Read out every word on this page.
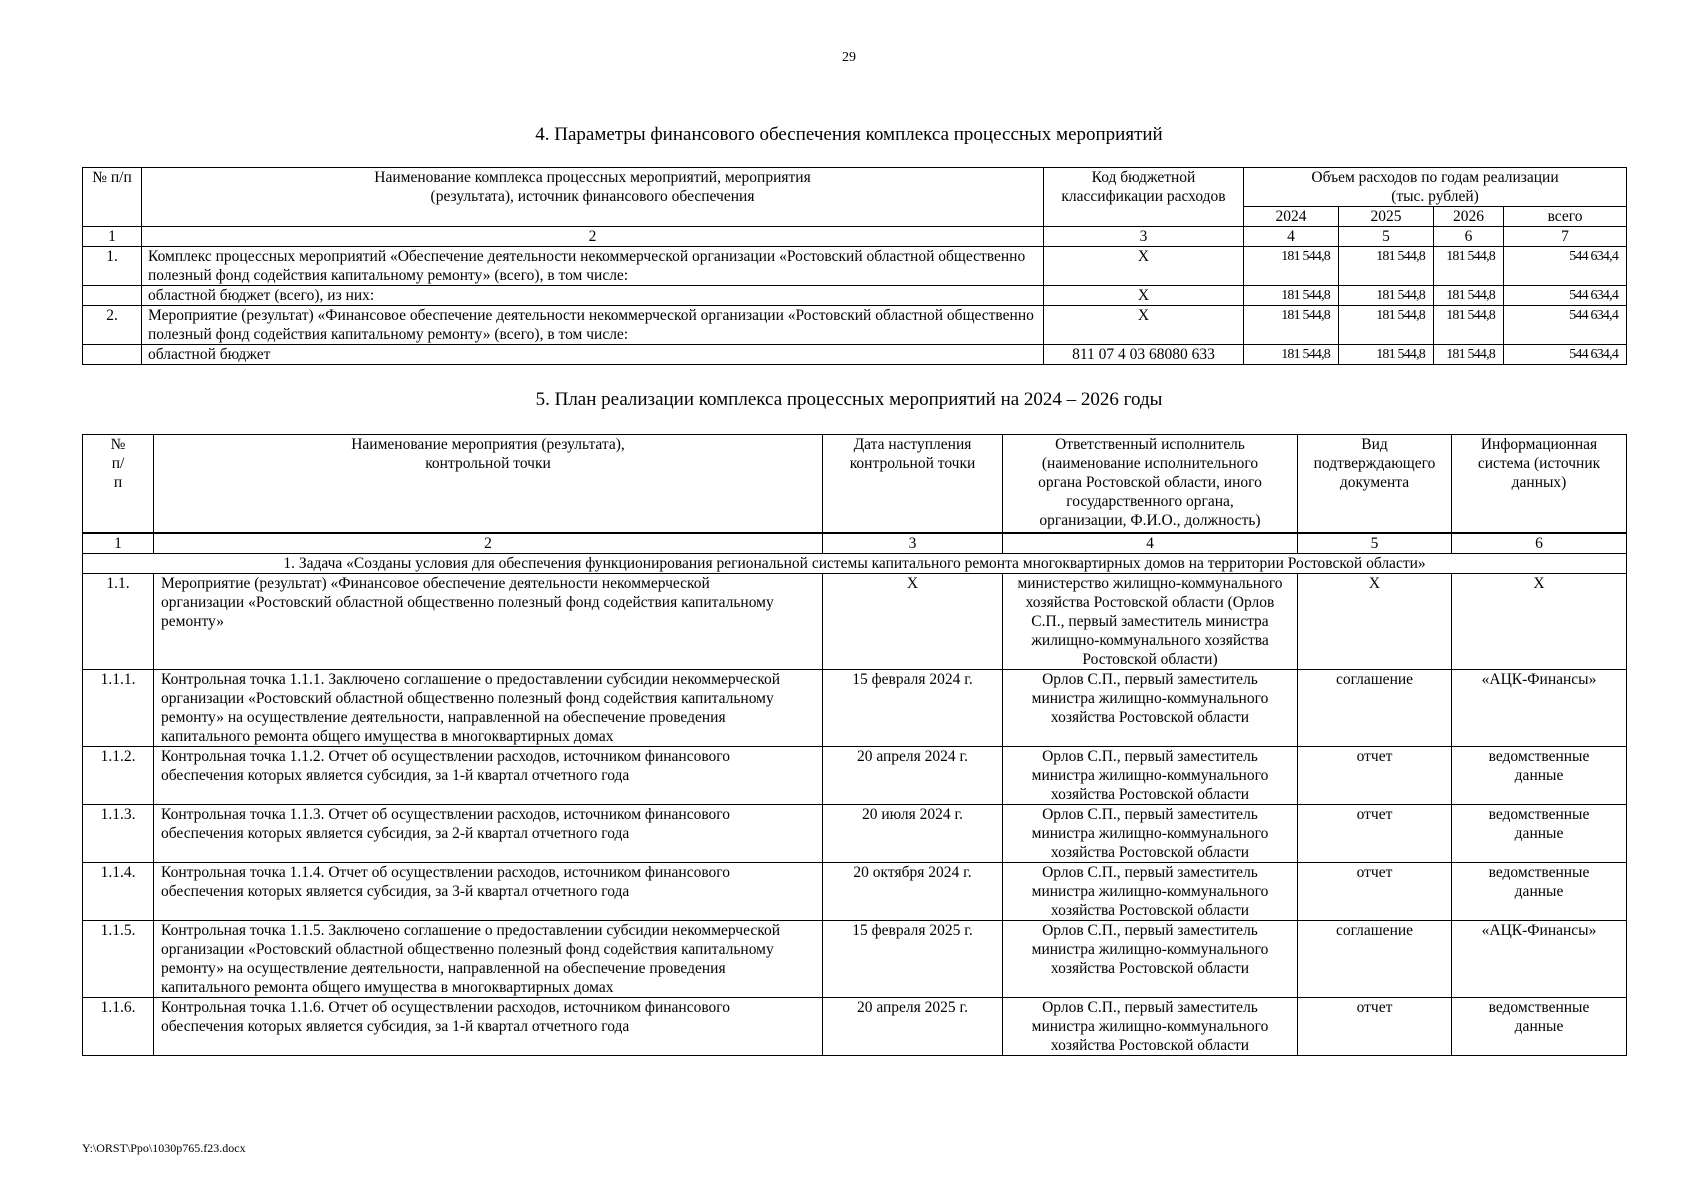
29
4. Параметры финансового обеспечения комплекса процессных мероприятий
№ п/п	Наименование комплекса процессных мероприятий, мероприятия (результата), источник финансового обеспечения	Код бюджетной классификации расходов	Объем расходов по годам реализации (тыс. рублей)			
			2024	2025	2026	всего
1	2	3	4	5	6	7
1.	Комплекс процессных мероприятий «Обеспечение деятельности некоммерческой организации «Ростовский областной общественно полезный фонд содействия капитальному ремонту» (всего), в том числе:	Х	181 544,8	181 544,8	181 544,8	544 634,4
	областной бюджет (всего), из них:	Х	181 544,8	181 544,8	181 544,8	544 634,4
2.	Мероприятие (результат) «Финансовое обеспечение деятельности некоммерческой организации «Ростовский областной общественно полезный фонд содействия капитальному ремонту» (всего), в том числе:	Х	181 544,8	181 544,8	181 544,8	544 634,4
	областной бюджет	811 07 4 03 68080 633	181 544,8	181 544,8	181 544,8	544 634,4
5. План реализации комплекса процессных мероприятий на 2024 – 2026 годы
№ п/п	Наименование мероприятия (результата), контрольной точки	Дата наступления контрольной точки	Ответственный исполнитель (наименование исполнительного органа Ростовской области, иного государственного органа, организации, Ф.И.О., должность)	Вид подтверждающего документа	Информационная система (источник данных)
1	2	3	4	5	6
1. Задача «Созданы условия для обеспечения функционирования региональной системы капитального ремонта многоквартирных домов на территории Ростовской области»					
1.1.	Мероприятие (результат) «Финансовое обеспечение деятельности некоммерческой организации «Ростовский областной общественно полезный фонд содействия капитальному ремонту»	Х	министерство жилищно-коммунального хозяйства Ростовской области (Орлов С.П., первый заместитель министра жилищно-коммунального хозяйства Ростовской области)	Х	Х
1.1.1.	Контрольная точка 1.1.1. Заключено соглашение о предоставлении субсидии некоммерческой организации «Ростовский областной общественно полезный фонд содействия капитальному ремонту» на осуществление деятельности, направленной на обеспечение проведения капитального ремонта общего имущества в многоквартирных домах	15 февраля 2024 г.	Орлов С.П., первый заместитель министра жилищно-коммунального хозяйства Ростовской области	соглашение	«АЦК-Финансы»
1.1.2.	Контрольная точка 1.1.2. Отчет об осуществлении расходов, источником финансового обеспечения которых является субсидия, за 1-й квартал отчетного года	20 апреля 2024 г.	Орлов С.П., первый заместитель министра жилищно-коммунального хозяйства Ростовской области	отчет	ведомственные данные
1.1.3.	Контрольная точка 1.1.3. Отчет об осуществлении расходов, источником финансового обеспечения которых является субсидия, за 2-й квартал отчетного года	20 июля 2024 г.	Орлов С.П., первый заместитель министра жилищно-коммунального хозяйства Ростовской области	отчет	ведомственные данные
1.1.4.	Контрольная точка 1.1.4. Отчет об осуществлении расходов, источником финансового обеспечения которых является субсидия, за 3-й квартал отчетного года	20 октября 2024 г.	Орлов С.П., первый заместитель министра жилищно-коммунального хозяйства Ростовской области	отчет	ведомственные данные
1.1.5.	Контрольная точка 1.1.5. Заключено соглашение о предоставлении субсидии некоммерческой организации «Ростовский областной общественно полезный фонд содействия капитальному ремонту» на осуществление деятельности, направленной на обеспечение проведения капитального ремонта общего имущества в многоквартирных домах	15 февраля 2025 г.	Орлов С.П., первый заместитель министра жилищно-коммунального хозяйства Ростовской области	соглашение	«АЦК-Финансы»
1.1.6.	Контрольная точка 1.1.6. Отчет об осуществлении расходов, источником финансового обеспечения которых является субсидия, за 1-й квартал отчетного года	20 апреля 2025 г.	Орлов С.П., первый заместитель министра жилищно-коммунального хозяйства Ростовской области	отчет	ведомственные данные
Y:\ORST\Ppo\1030p765.f23.docx
